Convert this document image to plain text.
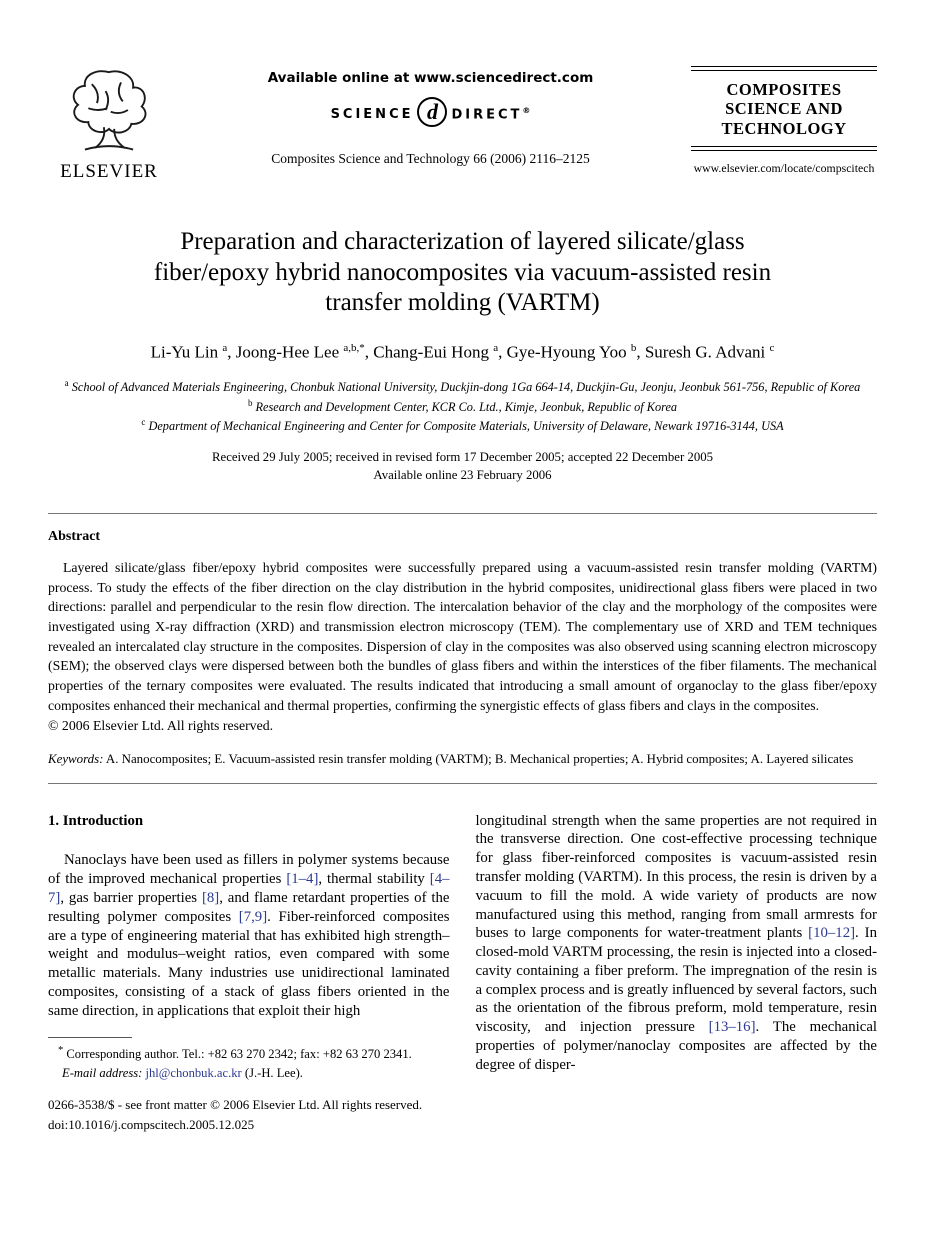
ELSEVIER
Available online at www.sciencedirect.com
SCIENCE d	DIRECT®
Composites Science and Technology 66 (2006) 2116–2125
COMPOSITES
SCIENCE AND
TECHNOLOGY
www.elsevier.com/locate/compscitech
Preparation and characterization of layered silicate/glass
fiber/epoxy hybrid nanocomposites via vacuum-assisted resin
transfer molding (VARTM)
Li-Yu Lin $^a$, Joong-Hee Lee $^{a,b,*}$, Chang-Eui Hong $^a$, Gye-Hyoung Yoo $^b$, Suresh G. Advani $^c$
$^a$ School of Advanced Materials Engineering, Chonbuk National University, Duckjin-dong 1Ga 664-14, Duckjin-Gu, Jeonju, Jeonbuk 561-756, Republic of Korea
$^b$ Research and Development Center, KCR Co. Ltd., Kimje, Jeonbuk, Republic of Korea
$^c$ Department of Mechanical Engineering and Center for Composite Materials, University of Delaware, Newark 19716-3144, USA
Received 29 July 2005; received in revised form 17 December 2005; accepted 22 December 2005
Available online 23 February 2006
Abstract
Layered silicate/glass fiber/epoxy hybrid composites were successfully prepared using a vacuum-assisted resin transfer molding (VARTM) process. To study the effects of the fiber direction on the clay distribution in the hybrid composites, unidirectional glass fibers were placed in two directions: parallel and perpendicular to the resin flow direction. The intercalation behavior of the clay and the morphology of the composites were investigated using X-ray diffraction (XRD) and transmission electron microscopy (TEM). The complementary use of XRD and TEM techniques revealed an intercalated clay structure in the composites. Dispersion of clay in the composites was also observed using scanning electron microscopy (SEM); the observed clays were dispersed between both the bundles of glass fibers and within the interstices of the fiber filaments. The mechanical properties of the ternary composites were evaluated. The results indicated that introducing a small amount of organoclay to the glass fiber/epoxy composites enhanced their mechanical and thermal properties, confirming the synergistic effects of glass fibers and clays in the composites.
© 2006 Elsevier Ltd. All rights reserved.
Keywords: A. Nanocomposites; E. Vacuum-assisted resin transfer molding (VARTM); B. Mechanical properties; A. Hybrid composites; A. Layered silicates
1. Introduction
Nanoclays have been used as fillers in polymer systems because of the improved mechanical properties [1–4], thermal stability [4–7], gas barrier properties [8], and flame retardant properties of the resulting polymer composites [7,9]. Fiber-reinforced composites are a type of engineering material that has exhibited high strength–weight and modulus–weight ratios, even compared with some metallic materials. Many industries use unidirectional laminated composites, consisting of a stack of glass fibers oriented in the same direction, in applications that exploit their high
* Corresponding author. Tel.: +82 63 270 2342; fax: +82 63 270 2341.
E-mail address: jhl@chonbuk.ac.kr (J.-H. Lee).
longitudinal strength when the same properties are not required in the transverse direction. One cost-effective processing technique for glass fiber-reinforced composites is vacuum-assisted resin transfer molding (VARTM). In this process, the resin is driven by a vacuum to fill the mold. A wide variety of products are now manufactured using this method, ranging from small armrests for buses to large components for water-treatment plants [10–12]. In closed-mold VARTM processing, the resin is injected into a closed-cavity containing a fiber preform. The impregnation of the resin is a complex process and is greatly influenced by several factors, such as the orientation of the fibrous preform, mold temperature, resin viscosity, and injection pressure [13–16]. The mechanical properties of polymer/nanoclay composites are affected by the degree of disper-
0266-3538/$ - see front matter © 2006 Elsevier Ltd. All rights reserved.
doi:10.1016/j.compscitech.2005.12.025
